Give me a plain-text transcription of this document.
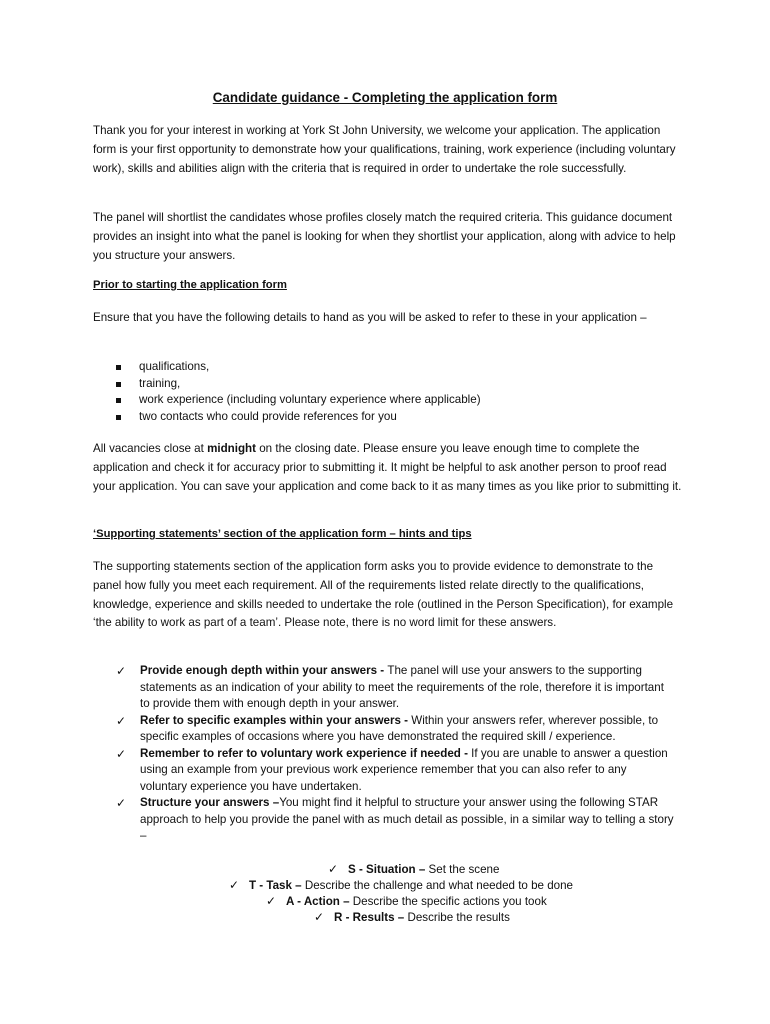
Candidate guidance - Completing the application form
Thank you for your interest in working at York St John University, we welcome your application. The application form is your first opportunity to demonstrate how your qualifications, training, work experience (including voluntary work), skills and abilities align with the criteria that is required in order to undertake the role successfully.
The panel will shortlist the candidates whose profiles closely match the required criteria. This guidance document provides an insight into what the panel is looking for when they shortlist your application, along with advice to help you structure your answers.
Prior to starting the application form
Ensure that you have the following details to hand as you will be asked to refer to these in your application –
qualifications,
training,
work experience (including voluntary experience where applicable)
two contacts who could provide references for you
All vacancies close at midnight on the closing date. Please ensure you leave enough time to complete the application and check it for accuracy prior to submitting it. It might be helpful to ask another person to proof read your application. You can save your application and come back to it as many times as you like prior to submitting it.
‘Supporting statements’ section of the application form – hints and tips
The supporting statements section of the application form asks you to provide evidence to demonstrate to the panel how fully you meet each requirement. All of the requirements listed relate directly to the qualifications, knowledge, experience and skills needed to undertake the role (outlined in the Person Specification), for example ‘the ability to work as part of a team’. Please note, there is no word limit for these answers.
✓	Provide enough depth within your answers - The panel will use your answers to the supporting statements as an indication of your ability to meet the requirements of the role, therefore it is important to provide them with enough depth in your answer.
✓	Refer to specific examples within your answers - Within your answers refer, wherever possible, to specific examples of occasions where you have demonstrated the required skill / experience.
✓	Remember to refer to voluntary work experience if needed - If you are unable to answer a question using an example from your previous work experience remember that you can also refer to any voluntary experience you have undertaken.
✓	Structure your answers –You might find it helpful to structure your answer using the following STAR approach to help you provide the panel with as much detail as possible, in a similar way to telling a story –
✓ S - Situation – Set the scene
✓ T - Task – Describe the challenge and what needed to be done
✓ A - Action – Describe the specific actions you took
✓ R - Results – Describe the results
